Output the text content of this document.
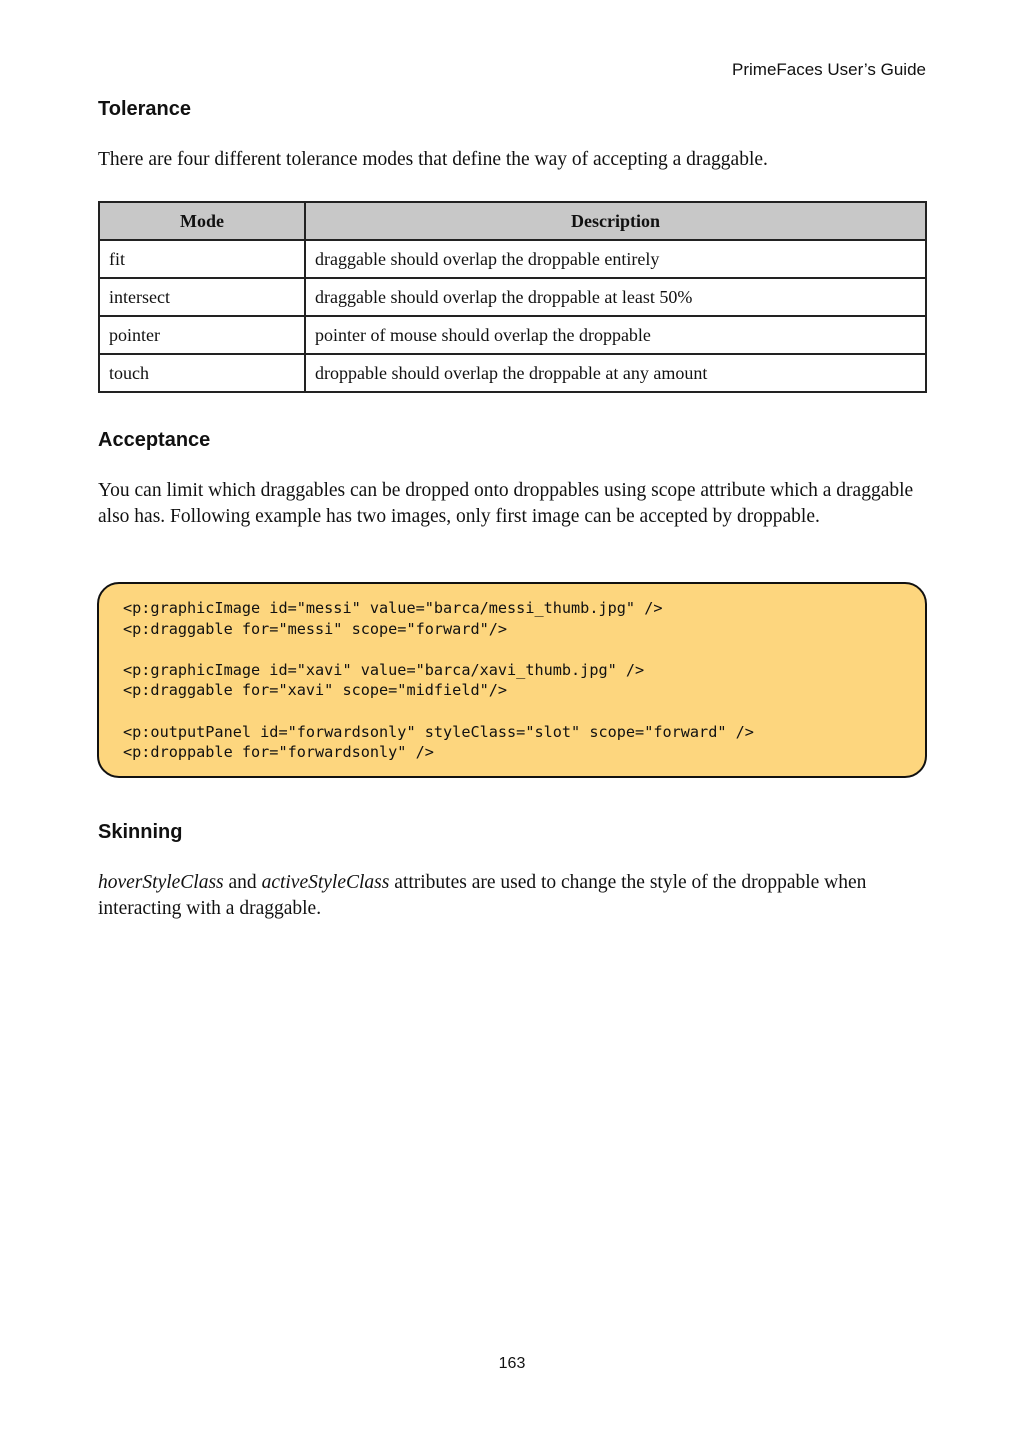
PrimeFaces User’s Guide
Tolerance

There are four different tolerance modes that define the way of accepting a draggable.

Mode	Description
fit	draggable should overlap the droppable entirely
intersect	draggable should overlap the droppable at least 50%
pointer	pointer of mouse should overlap the droppable
touch	droppable should overlap the droppable at any amount
Acceptance

You can limit which draggables can be dropped onto droppables using scope attribute which a draggable also has. Following example has two images, only first image can be accepted by droppable.

<p:graphicImage id="messi" value="barca/messi_thumb.jpg" />
<p:draggable for="messi" scope="forward"/>
<p:graphicImage id="xavi" value="barca/xavi_thumb.jpg" />
<p:draggable for="xavi" scope="midfield"/>
<p:outputPanel id="forwardsonly" styleClass="slot" scope="forward" />
<p:droppable for="forwardsonly" />
Skinning

hoverStyleClass and activeStyleClass attributes are used to change the style of the droppable when interacting with a draggable.

163
